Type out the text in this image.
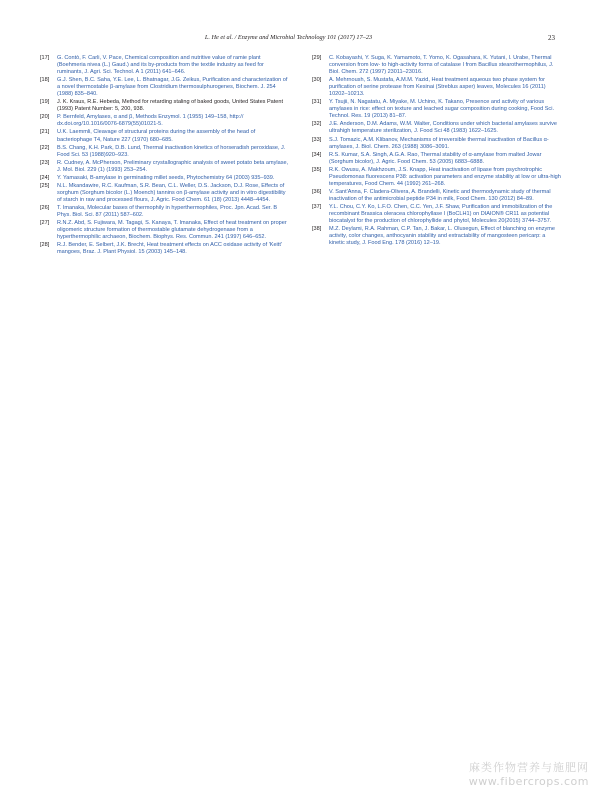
L. He et al. / Enzyme and Microbial Technology 101 (2017) 17–23	23
[17]	G. Contò, F. Carli, V. Pace, Chemical composition and nutritive value of ramie plant (Boehmeria nivea (L.) Gaud.) and its by-products from the textile industry as feed for ruminants, J. Agri. Sci. Technol. A 1 (2011) 641–646.
[18]	G.J. Shen, B.C. Saha, Y.E. Lee, L. Bhatnagar, J.G. Zeikus, Purification and characterization of a novel thermostable β-amylase from Clostridium thermosulphurogenes, Biochem. J. 254 (1988) 835–840.
[19]	J. K. Kraus, R.E. Hebeda, Method for retarding staling of baked goods, United States Patent (1993) Patent Number: 5, 200, 938.
[20]	P. Bernfeld, Amylases, α and β, Methods Enzymol. 1 (1955) 149–158, http:// dx.doi.org/10.1016/0076-6879(55)01021-5.
[21]	U.K. Laemmli, Cleavage of structural proteins during the assembly of the head of bacteriophage T4, Nature 227 (1970) 680–685.
[22]	B.S. Chang, K.H. Park, D.B. Lund, Thermal inactivation kinetics of horseradish peroxidase, J. Food Sci. 53 (1988)920–923.
[23]	R. Cudney, A. McPherson, Preliminary crystallographic analysis of sweet potato beta amylase, J. Mol. Biol. 229 (1) (1993) 253–254.
[24]	Y. Yamasaki, B-amylase in germinating millet seeds, Phytochemistry 64 (2003) 935–939.
[25]	N.L. Mkandawire, R.C. Kaufman, S.R. Bean, C.L. Weller, D.S. Jackson, D.J. Rose, Effects of sorghum (Sorghum bicolor (L.) Moench) tannins on β-amylase activity and in vitro digestibility of starch in raw and processed flours, J. Agric. Food Chem. 61 (18) (2013) 4448–4454.
[26]	T. Imanaka, Molecular bases of thermophily in hyperthermophiles, Proc. Jpn. Acad. Ser. B Phys. Biol. Sci. 87 (2011) 587–602.
[27]	R.N.Z. Abd, S. Fujiwara, M. Tagagi, S. Kanaya, T. Imanaka, Effect of heat treatment on proper oligomeric structure formation of thermostable glutamate dehydrogenase from a hyperthermophilic archaeon, Biochem. Biophys. Res. Commun. 241 (1997) 646–652.
[28]	R.J. Bender, E. Selbert, J.K. Brecht, Heat treatment effects on ACC oxidase activity of 'Keitt' mangoes, Braz. J. Plant Physiol. 15 (2003) 145–148.
[29]	C. Kobayashi, Y. Suga, K. Yamamoto, T. Yomo, K. Ogasahara, K. Yutani, I. Urabe, Thermal conversion from low- to high-activity forms of catalase I from Bacillus stearothermophilus, J. Biol. Chem. 272 (1997) 23011–23016.
[30]	A. Mehrnoush, S. Mustafa, A.M.M. Yazid, Heat treatment aqueous two phase system for purification of serine protease from Kesinai (Streblus asper) leaves, Molecules 16 (2011) 10202–10213.
[31]	Y. Tsujii, N. Nagatatu, A. Miyake, M. Uchino, K. Takano, Presence and activity of various amylases in rice: effect on texture and leached sugar composition during cooking, Food Sci. Technol. Res. 19 (2013) 81–87.
[32]	J.E. Anderson, D.M. Adams, W.M. Walter, Conditions under which bacterial amylases survive ultrahigh temperature sterilization, J. Food Sci 48 (1983) 1622–1625.
[33]	S.J. Tomazic, A.M. Klibanov, Mechanisms of irreversible thermal inactivation of Bacillus α-amylases, J. Biol. Chem. 263 (1988) 3086–3091.
[34]	R.S. Kumar, S.A. Singh, A.G.A. Rao, Thermal stability of α-amylase from malted Jowar (Sorghum bicolor), J. Agric. Food Chem. 53 (2005) 6883–6888.
[35]	R.K. Owusu, A. Makhzoum, J.S. Knapp, Heat inactivation of lipase from psychrotrophic Pseudomonas fluorescens P38: activation parameters and enzyme stability at low or ultra-high temperatures, Food Chem. 44 (1992) 261–268.
[36]	V. Sant'Anna, F. Cladera-Olivera, A. Brandelli, Kinetic and thermodynamic study of thermal inactivation of the antimicrobial peptide P34 in milk, Food Chem. 130 (2012) 84–89.
[37]	Y.L. Chou, C.Y. Ko, L.F.O. Chen, C.C. Yen, J.F. Shaw, Purification and immobilization of the recombinant Brassica oleracea chlorophyllase I (BoCLH1) on DIAION® CR11 as potential biocatalyst for the production of chlorophyllide and phytol, Molecules 20(2015) 3744–3757.
[38]	M.Z. Deylami, R.A. Rahman, C.P. Tan, J. Bakar, L. Olusegun, Effect of blanching on enzyme activity, color changes, anthocyanin stability and extractability of mangosteen pericarp: a kinetic study, J. Food Eng. 178 (2016) 12–19.
麻类作物营养与施肥网
www.fibercrops.com
